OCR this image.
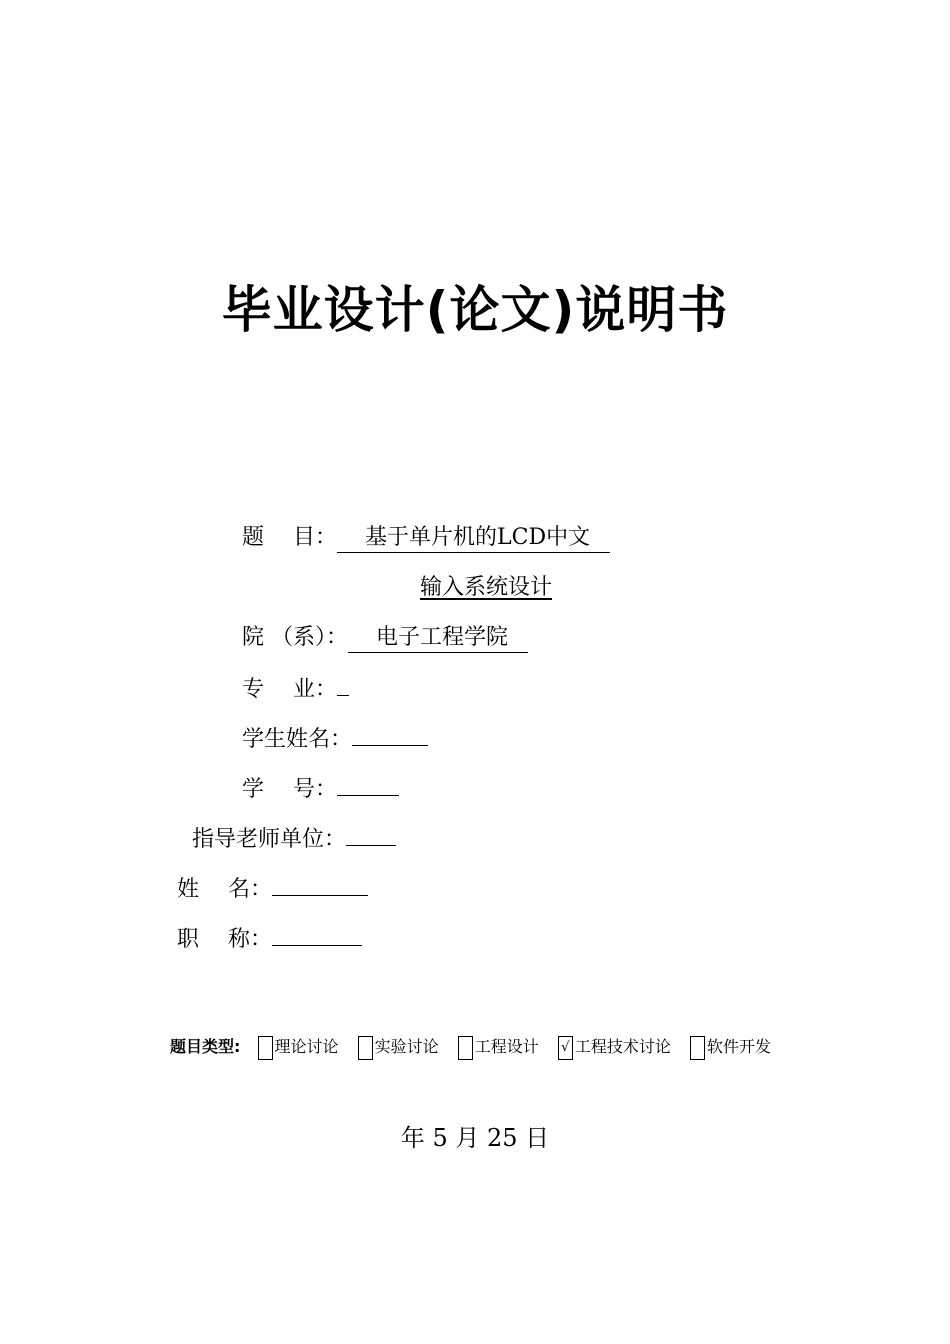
毕业设计(论文)说明书
题　 目： 基于单片机的LCD中文
输入系统设计
院 （系）： 电子工程学院
专　 业：
学生姓名：
学　 号：
指导老师单位：
姓　 名：
职　 称：
题目类型: 理论讨论 实验讨论 工程设计 √ 工程技术讨论 软件开发
年 5 月 25 日
